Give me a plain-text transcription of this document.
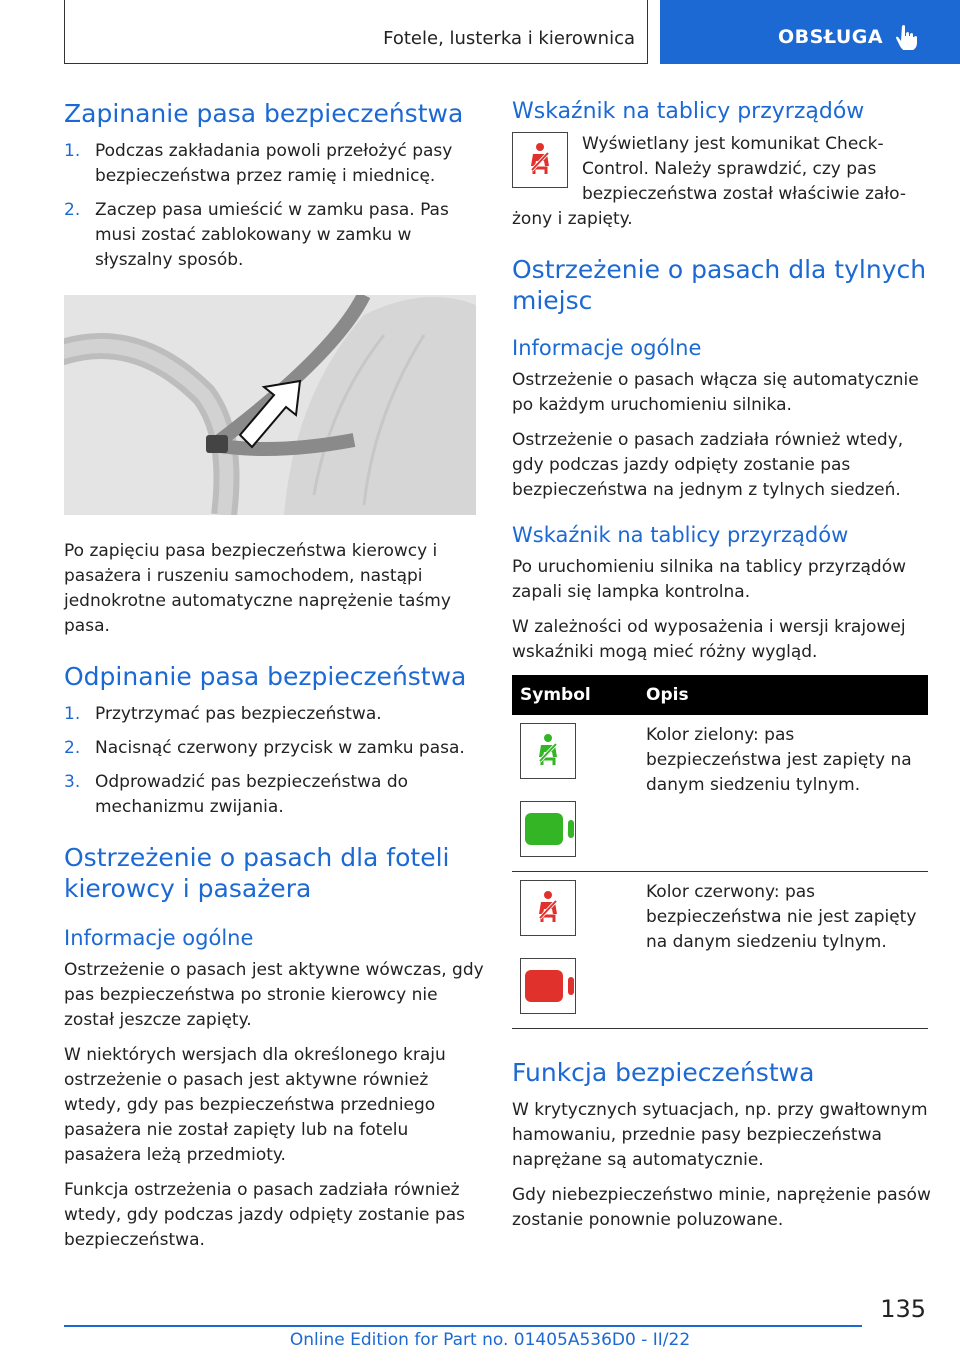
Fotele, lusterka i kierownica	OBSŁUGA
Zapinanie pasa bezpieczeństwa
1. Podczas zakładania powoli przełożyć pasy bezpieczeństwa przez ramię i miednicę.
2. Zaczep pasa umieścić w zamku pasa. Pas musi zostać zablokowany w zamku w słyszalny sposób.

Po zapięciu pasa bezpieczeństwa kierowcy i pasażera i ruszeniu samochodem, nastąpi jednokrotne automatyczne naprężenie taśmy pasa.

Odpinanie pasa bezpieczeństwa
1. Przytrzymać pas bezpieczeństwa.
2. Nacisnąć czerwony przycisk w zamku pasa.
3. Odprowadzić pas bezpieczeństwa do mechanizmu zwijania.
Ostrzeżenie o pasach dla foteli kierowcy i pasażera
Informacje ogólne

Ostrzeżenie o pasach jest aktywne wówczas, gdy pas bezpieczeństwa po stronie kierowcy nie został jeszcze zapięty.

W niektórych wersjach dla określonego kraju ostrzeżenie o pasach jest aktywne również wtedy, gdy pas bezpieczeństwa przedniego pasażera nie został zapięty lub na fotelu pasażera leżą przedmioty.

Funkcja ostrzeżenia o pasach zadziała również wtedy, gdy podczas jazdy odpięty zostanie pas bezpieczeństwa.

Wskaźnik na tablicy przyrządów
Wyświetlany jest komunikat Check-Control. Należy sprawdzić, czy pas bezpieczeństwa został właściwie zało-
żony i zapięty.
Ostrzeżenie o pasach dla tylnych miejsc
Informacje ogólne

Ostrzeżenie o pasach włącza się automatycznie po każdym uruchomieniu silnika.

Ostrzeżenie o pasach zadziała również wtedy, gdy podczas jazdy odpięty zostanie pas bezpieczeństwa na jednym z tylnych siedzeń.

Wskaźnik na tablicy przyrządów

Po uruchomieniu silnika na tablicy przyrządów zapali się lampka kontrolna.

W zależności od wyposażenia i wersji krajowej wskaźniki mogą mieć różny wygląd.

Symbol	Opis

	Kolor zielony: pas bezpieczeństwa jest zapięty na danym siedzeniu tylnym.

	Kolor czerwony: pas bezpieczeństwa nie jest zapięty na danym siedzeniu tylnym.
Funkcja bezpieczeństwa

W krytycznych sytuacjach, np. przy gwałtownym hamowaniu, przednie pasy bezpieczeństwa naprężane są automatycznie.

Gdy niebezpieczeństwo minie, naprężenie pasów zostanie ponownie poluzowane.

135
Online Edition for Part no. 01405A536D0 - II/22
